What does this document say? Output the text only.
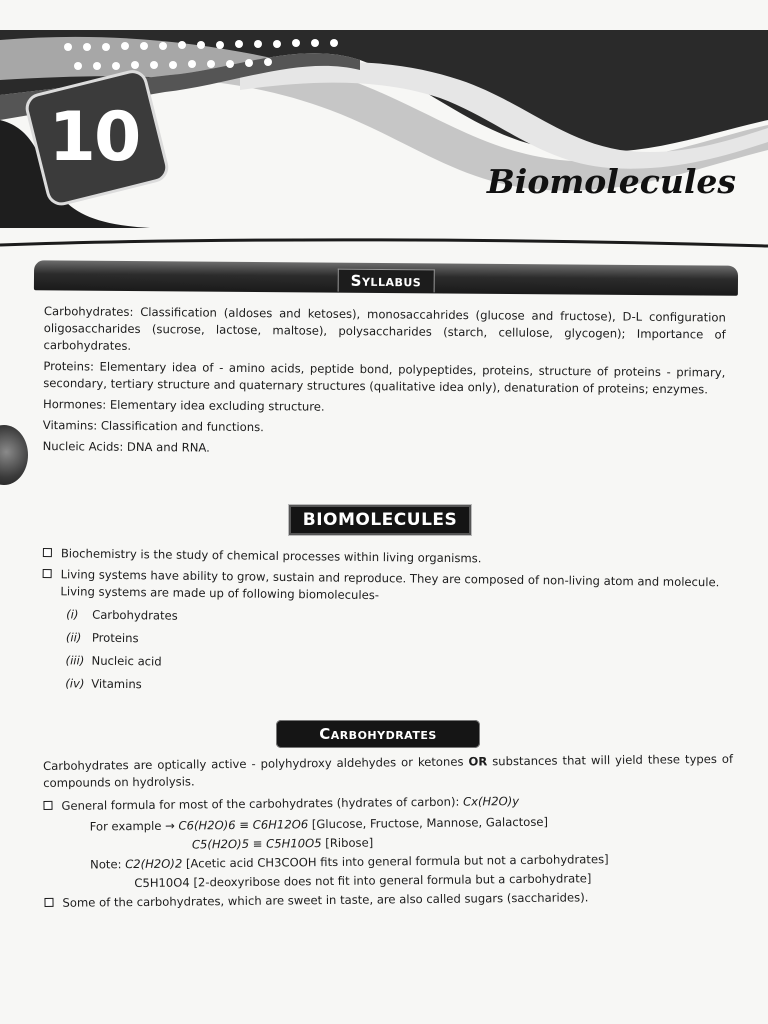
10
Biomolecules
Syllabus

Carbohydrates: Classification (aldoses and ketoses), monosaccahrides (glucose and fructose), D-L configuration oligosaccharides (sucrose, lactose, maltose), polysaccharides (starch, cellulose, glycogen); Importance of carbohydrates.

Proteins: Elementary idea of - amino acids, peptide bond, polypeptides, proteins, structure of proteins - primary, secondary, tertiary structure and quaternary structures (qualitative idea only), denaturation of proteins; enzymes.

Hormones: Elementary idea excluding structure.

Vitamins: Classification and functions.

Nucleic Acids: DNA and RNA.

BIOMOLECULES
Biochemistry is the study of chemical processes within living organisms.
Living systems have ability to grow, sustain and reproduce. They are composed of non-living atom and molecule. Living systems are made up of following biomolecules-
(i) Carbohydrates
(ii) Proteins
(iii) Nucleic acid
(iv) Vitamins
Carbohydrates

Carbohydrates are optically active - polyhydroxy aldehydes or ketones OR substances that will yield these types of compounds on hydrolysis.

General formula for most of the carbohydrates (hydrates of carbon): Cx(H2O)y
For example → C6(H2O)6 ≡ C6H12O6 [Glucose, Fructose, Mannose, Galactose]
C5(H2O)5 ≡ C5H10O5 [Ribose]
Note: C2(H2O)2 [Acetic acid CH3COOH fits into general formula but not a carbohydrates]
C5H10O4 [2-deoxyribose does not fit into general formula but a carbohydrate]
Some of the carbohydrates, which are sweet in taste, are also called sugars (saccharides).
